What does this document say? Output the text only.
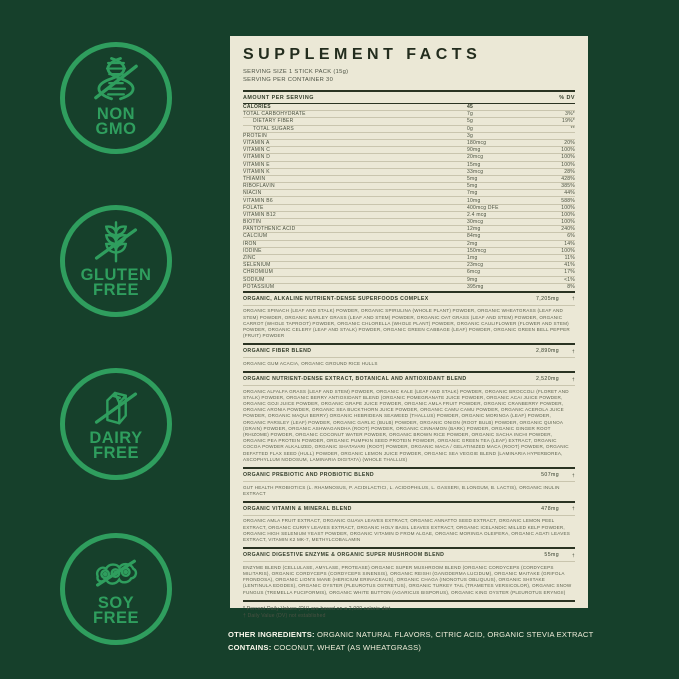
NON
GMO
GLUTEN
FREE
DAIRY
FREE
SOY
FREE
SUPPLEMENT FACTS
SERVING SIZE 1 STICK PACK (15g)
SERVING PER CONTAINER 30
AMOUNT PER SERVING	% DV
CALORIES	45
TOTAL CARBOHYDRATE	7g	3%*
DIETARY FIBER	5g	19%*
TOTAL SUGARS	0g	**
PROTEIN	3g
VITAMIN A	180mcg	20%
VITAMIN C	90mg	100%
VITAMIN D	20mcg	100%
VITAMIN E	15mg	100%
VITAMIN K	33mcg	28%
THIAMIN	5mg	428%
RIBOFLAVIN	5mg	385%
NIACIN	7mg	44%
VITAMIN B6	10mg	588%
FOLATE	400mcg DFE	100%
VITAMIN B12	2.4 mcg	100%
BIOTIN	30mcg	100%
PANTOTHENIC ACID	12mg	240%
CALCIUM	84mg	6%
IRON	2mg	14%
IODINE	150mcg	100%
ZINC	1mg	11%
SELENIUM	23mcg	41%
CHROMIUM	6mcg	17%
SODIUM	9mg	<1%
POTASSIUM	395mg	8%
ORGANIC, ALKALINE NUTRIENT-DENSE SUPERFOODS COMPLEX	7,205mg	†
ORGANIC SPINACH (LEAF AND STALK) POWDER, ORGANIC SPIRULINA (WHOLE PLANT) POWDER, ORGANIC WHEATGRASS (LEAF AND STEM) POWDER, ORGANIC BARLEY GRASS (LEAF AND STEM) POWDER, ORGANIC OAT GRASS (LEAF AND STEM) POWDER, ORGANIC CARROT (WHOLE TAPROOT) POWDER, ORGANIC CHLORELLA (WHOLE PLANT) POWDER, ORGANIC CAULIFLOWER (FLOWER AND STEM) POWDER, ORGANIC CELERY (LEAF AND STALK) POWDER, ORGANIC GREEN CABBAGE (LEAF) POWDER, ORGANIC GREEN BELL PEPPER (FRUIT) POWDER
ORGANIC FIBER BLEND	2,890mg	†
ORGANIC GUM ACACIA, ORGANIC GROUND RICE HULLS
ORGANIC NUTRIENT-DENSE EXTRACT, BOTANICAL AND ANTIOXIDANT BLEND	2,520mg	†
ORGANIC ALFALFA GRASS (LEAF AND STEM) POWDER, ORGANIC KALE (LEAF AND STALK) POWDER, ORGANIC BROCCOLI (FLORET AND STALK) POWDER, ORGANIC BERRY ANTIOXIDANT BLEND (ORGANIC POMEGRANATE JUICE POWDER, ORGANIC ACAI JUICE POWDER, ORGANIC GOJI JUICE POWDER, ORGANIC GRAPE JUICE POWDER, ORGANIC AMLA FRUIT POWDER, ORGANIC CRANBERRY POWDER, ORGANIC ARONIA POWDER, ORGANIC SEA BUCKTHORN JUICE POWDER, ORGANIC CAMU CAMU POWDER, ORGANIC ACEROLA JUICE POWDER, ORGANIC MAQUI BERRY) ORGANIC HEBRIDEAN SEAWEED (THALLUS) POWDER, ORGANIC MORINGA (LEAF) POWDER, ORGANIC PARSLEY (LEAF) POWDER, ORGANIC GARLIC (BULB) POWDER, ORGANIC ONION (ROOT BULB) POWDER, ORGANIC QUINOA (GRAIN) POWDER, ORGANIC ASHWAGANDHA (ROOT) POWDER, ORGANIC CINNAMON (BARK) POWDER, ORGANIC GINGER ROOT (RHIZOME) POWDER, ORGANIC COCONUT WATER POWDER, ORGANIC BROWN RICE POWDER, ORGANIC SACHA INCHI POWDER, ORGANIC PEA PROTEIN POWDER, ORGANIC PUMPKIN SEED PROTEIN POWDER, ORGANIC GREEN TEA (LEAF) EXTRACT, ORGANIC COCOA POWDER ALKALIZED, ORGANIC SHATAVARI (ROOT) POWDER, ORGANIC MACA / GELATINIZED MACA (ROOT) POWDER, ORGANIC DEFATTED FLAX SEED (HULL) POWDER, ORGANIC LEMON JUICE POWDER, ORGANIC SEA VEGGIE BLEND (LAMINARIA HYPERBOREA, ASCOPHYLLUM NODOSUM, LAMINARIA DIGITATA) (WHOLE THALLUS)
ORGANIC PREBIOTIC AND PROBIOTIC BLEND	507mg	†
GUT HEALTH PROBIOTICS (L. RHAMNOSUS, P. ACIDILACTICI, L. ACIDOPHILUS, L. GASSERI, B.LONGUM, B. LACTIS), ORGANIC INULIN EXTRACT
ORGANIC VITAMIN & MINERAL BLEND	478mg	†
ORGANIC AMLA FRUIT EXTRACT, ORGANIC GUAVA LEAVES EXTRACT, ORGANIC ANNATTO SEED EXTRACT, ORGANIC LEMON PEEL EXTRACT, ORGANIC CURRY LEAVES EXTRACT, ORGANIC HOLY BASIL LEAVES EXTRACT, ORGANIC ICELANDIC MILLED KELP POWDER, ORGANIC HIGH SELENIUM YEAST POWDER, ORGANIC VITAMIN D FROM ALGAE, ORGANIC MORINGA OLEIFERA, ORGANIC AGATI LEAVES EXTRACT, VITAMIN K2 MK-7, METHYLCOBALAMIN
ORGANIC DIGESTIVE ENZYME & ORGANIC SUPER MUSHROOM BLEND	55mg	†
ENZYME BLEND (CELLULASE, AMYLASE, PROTEASE) ORGANIC SUPER MUSHROOM BLEND (ORGANIC CORDYCEPS (CORDYCEPS MILITARIS), ORGANIC CORDYCEPS (CORDYCEPS SINENSIS), ORGANIC REISHI (GANODERMA LUCIDUM), ORGANIC MAITAKE (GRIFOLA FRONDOSA), ORGANIC LION'S MANE (HERICIUM ERINACEAUS), ORGANIC CHAGA (INONOTUS OBLIQUUS), ORGANIC SHIITAKE (LENTINULA EDODES), ORGANIC OYSTER (PLEUROTUS OSTRETUS), ORGANIC TURKEY TAIL (TRAMETES VERSICOLOR), ORGANIC SNOW FUNGUS (TREMELLA FUCIFORMIS), ORGANIC WHITE BUTTON (AGARICUS BISPORUS), ORGANIC KING OYSTER (PLEUROTUS ERYNGII)
* Percent Daily Values (DV) are based on a 2,000 calorie diet
† Daily Value (DV) not established
OTHER INGREDIENTS: ORGANIC NATURAL FLAVORS, CITRIC ACID, ORGANIC STEVIA EXTRACT
CONTAINS: COCONUT, WHEAT (AS WHEATGRASS)
